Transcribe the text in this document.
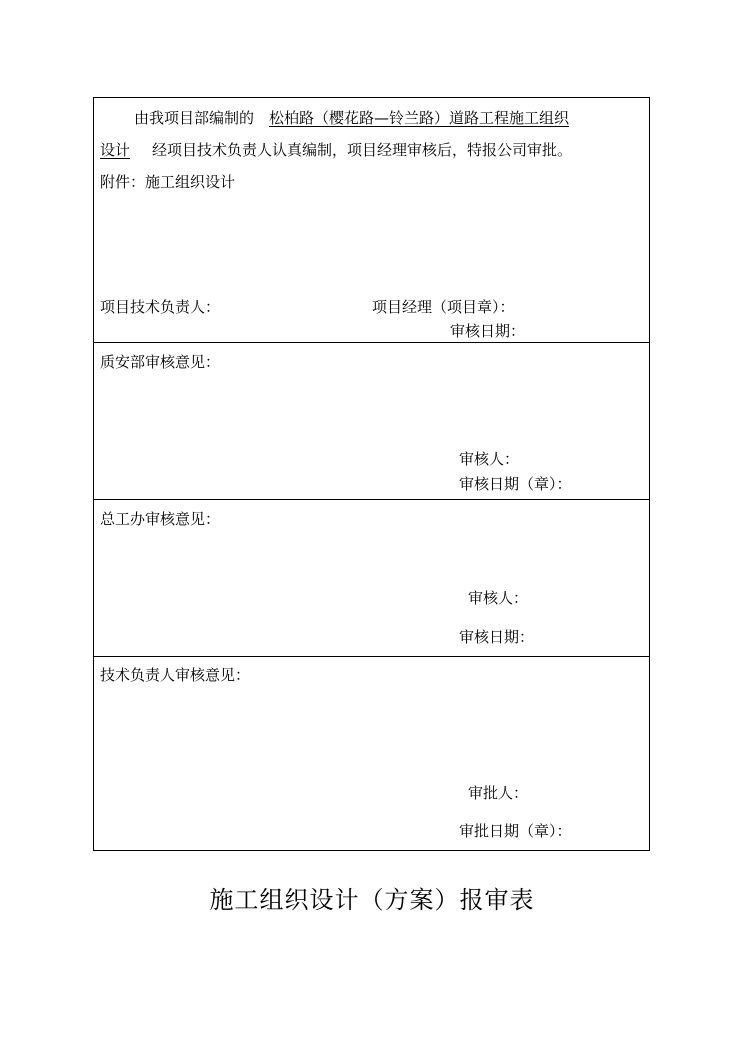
由我项目部编制的 松柏路（樱花路—铃兰路）道路工程施工组织
设计 经项目技术负责人认真编制，项目经理审核后，特报公司审批。
附件：施工组织设计
项目技术负责人：	项目经理（项目章）：
审核日期：
质安部审核意见：
审核人：
审核日期（章）：
总工办审核意见：
审核人：
审核日期：
技术负责人审核意见：
审批人：
审批日期（章）：
施工组织设计（方案）报审表
